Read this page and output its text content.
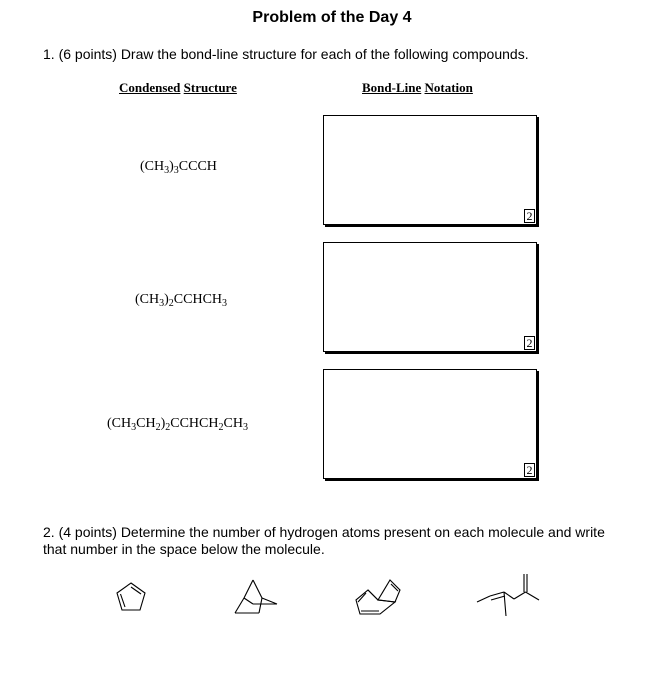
Problem of the Day 4
1. (6 points) Draw the bond-line structure for each of the following compounds.
Condensed Structure	Bond-Line Notation
$(CH_3)_3CCCH$
$(CH_3)_2CCHCH_3$
$(CH_3CH_2)_2CCHCH_2CH_3$
2
2
2
2. (4 points) Determine the number of hydrogen atoms present on each molecule and write that number in the space below the molecule.
